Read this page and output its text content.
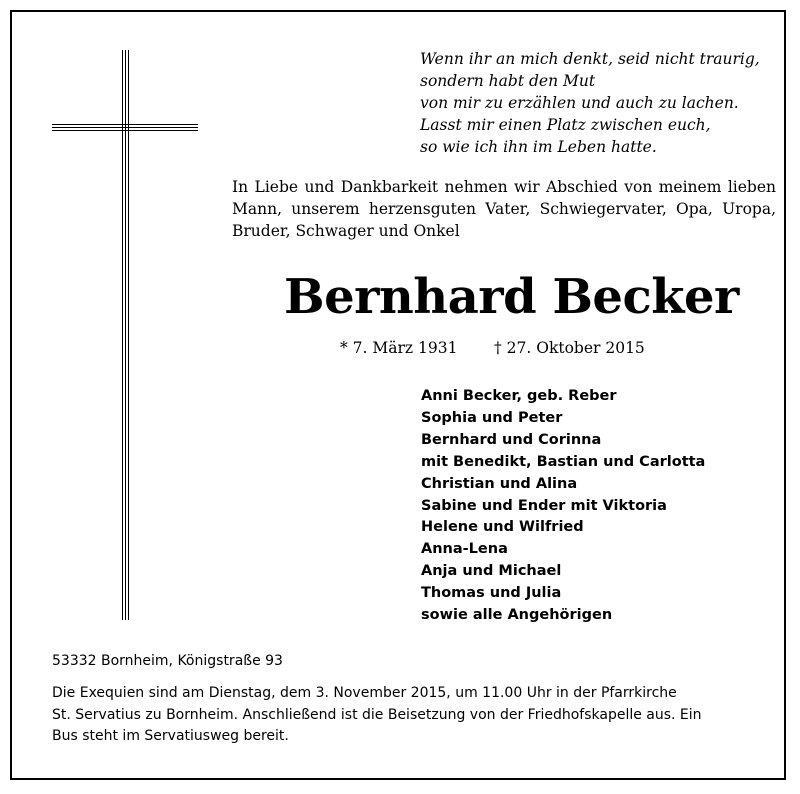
Wenn ihr an mich denkt, seid nicht traurig,
sondern habt den Mut
von mir zu erzählen und auch zu lachen.
Lasst mir einen Platz zwischen euch,
so wie ich ihn im Leben hatte.
In Liebe und Dankbarkeit nehmen wir Abschied von meinem lieben Mann, unserem herzensguten Vater, Schwiegervater, Opa, Uropa, Bruder, Schwager und Onkel
Bernhard Becker
* 7. März 1931 † 27. Oktober 2015
Anni Becker, geb. Reber
Sophia und Peter
Bernhard und Corinna
mit Benedikt, Bastian und Carlotta
Christian und Alina
Sabine und Ender mit Viktoria
Helene und Wilfried
Anna-Lena
Anja und Michael
Thomas und Julia
sowie alle Angehörigen
53332 Bornheim, Königstraße 93
Die Exequien sind am Dienstag, dem 3. November 2015, um 11.00 Uhr in der Pfarrkirche
St. Servatius zu Bornheim. Anschließend ist die Beisetzung von der Friedhofskapelle aus. Ein
Bus steht im Servatiusweg bereit.
